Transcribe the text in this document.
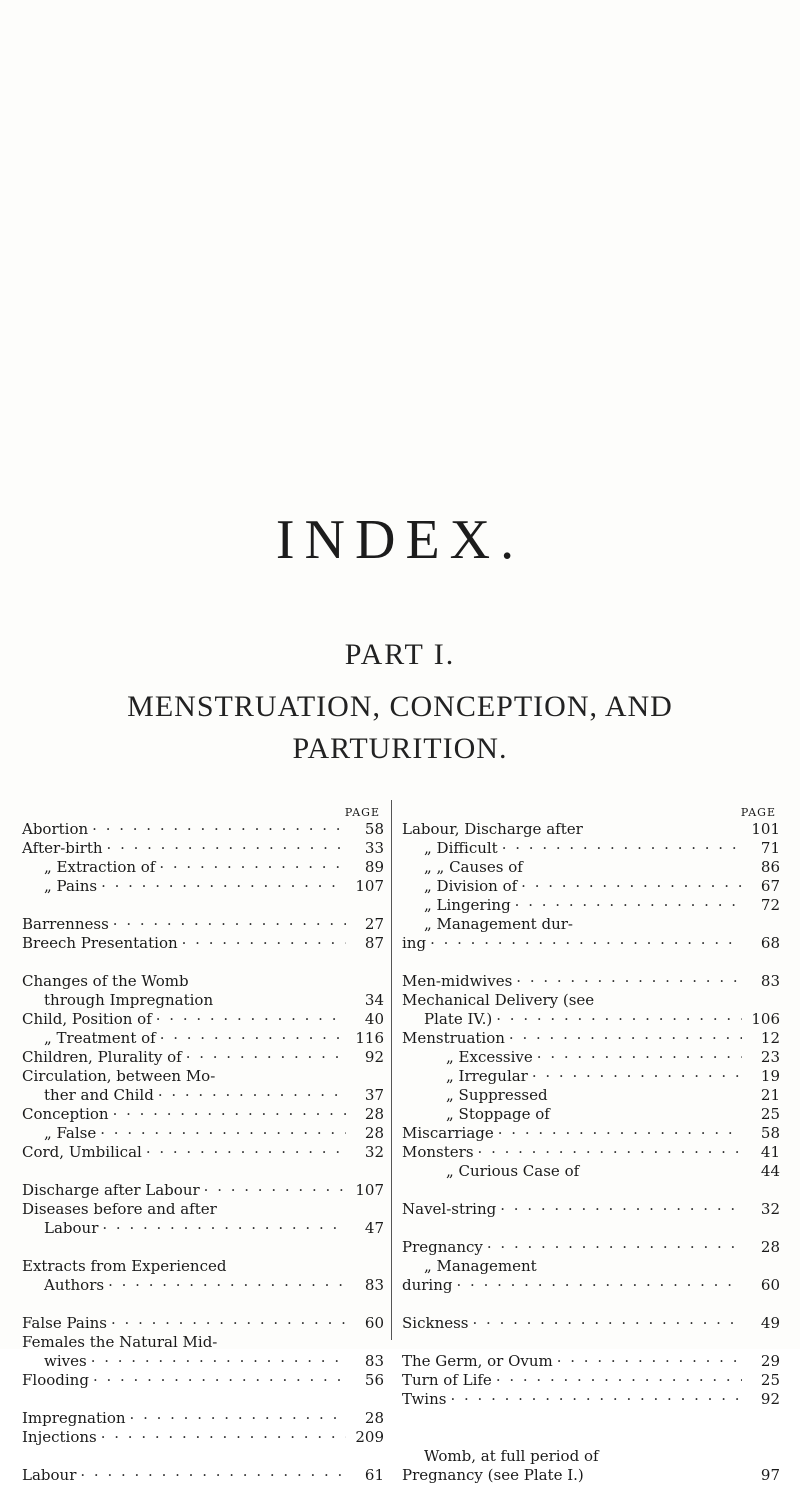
INDEX.
PART I.
MENSTRUATION, CONCEPTION, AND
PARTURITION.
PAGE
Abortion · · ·	58
After-birth · · ·	33
„ Extraction of · · ·	89
„ Pains · · ·	107
Barrenness · · ·	27
Breech Presentation · · ·	87
Changes of the Womb
through Impregnation	34
Child, Position of · · ·	40
„ Treatment of · · ·	116
Children, Plurality of · · ·	92
Circulation, between Mo-
ther and Child · · ·	37
Conception · · ·	28
„ False · · ·	28
Cord, Umbilical · · ·	32
Discharge after Labour · · ·	107
Diseases before and after
Labour · · ·	47
Extracts from Experienced
Authors · · ·	83
False Pains · · ·	60
Females the Natural Mid-
wives · · ·	83
Flooding · · ·	56
Impregnation · · ·	28
Injections · · ·	209
Labour · · ·	61
PAGE
Labour, Discharge after	101
„ Difficult · · ·	71
„ „ Causes of	86
„ Division of · · ·	67
„ Lingering · · ·	72
„ Management dur-
ing · · ·	68
Men-midwives · · ·	83
Mechanical Delivery (see
Plate IV.) · · ·	106
Menstruation · · ·	12
„ Excessive · · ·	23
„ Irregular · · ·	19
„ Suppressed	21
„ Stoppage of	25
Miscarriage · · ·	58
Monsters · · ·	41
„ Curious Case of	44
Navel-string · · ·	32
Pregnancy · · ·	28
„ Management
during · · ·	60
Sickness · · ·	49
The Germ, or Ovum · · ·	29
Turn of Life · · ·	25
Twins · · ·	92
Womb, at full period of
Pregnancy (see Plate I.)	97
